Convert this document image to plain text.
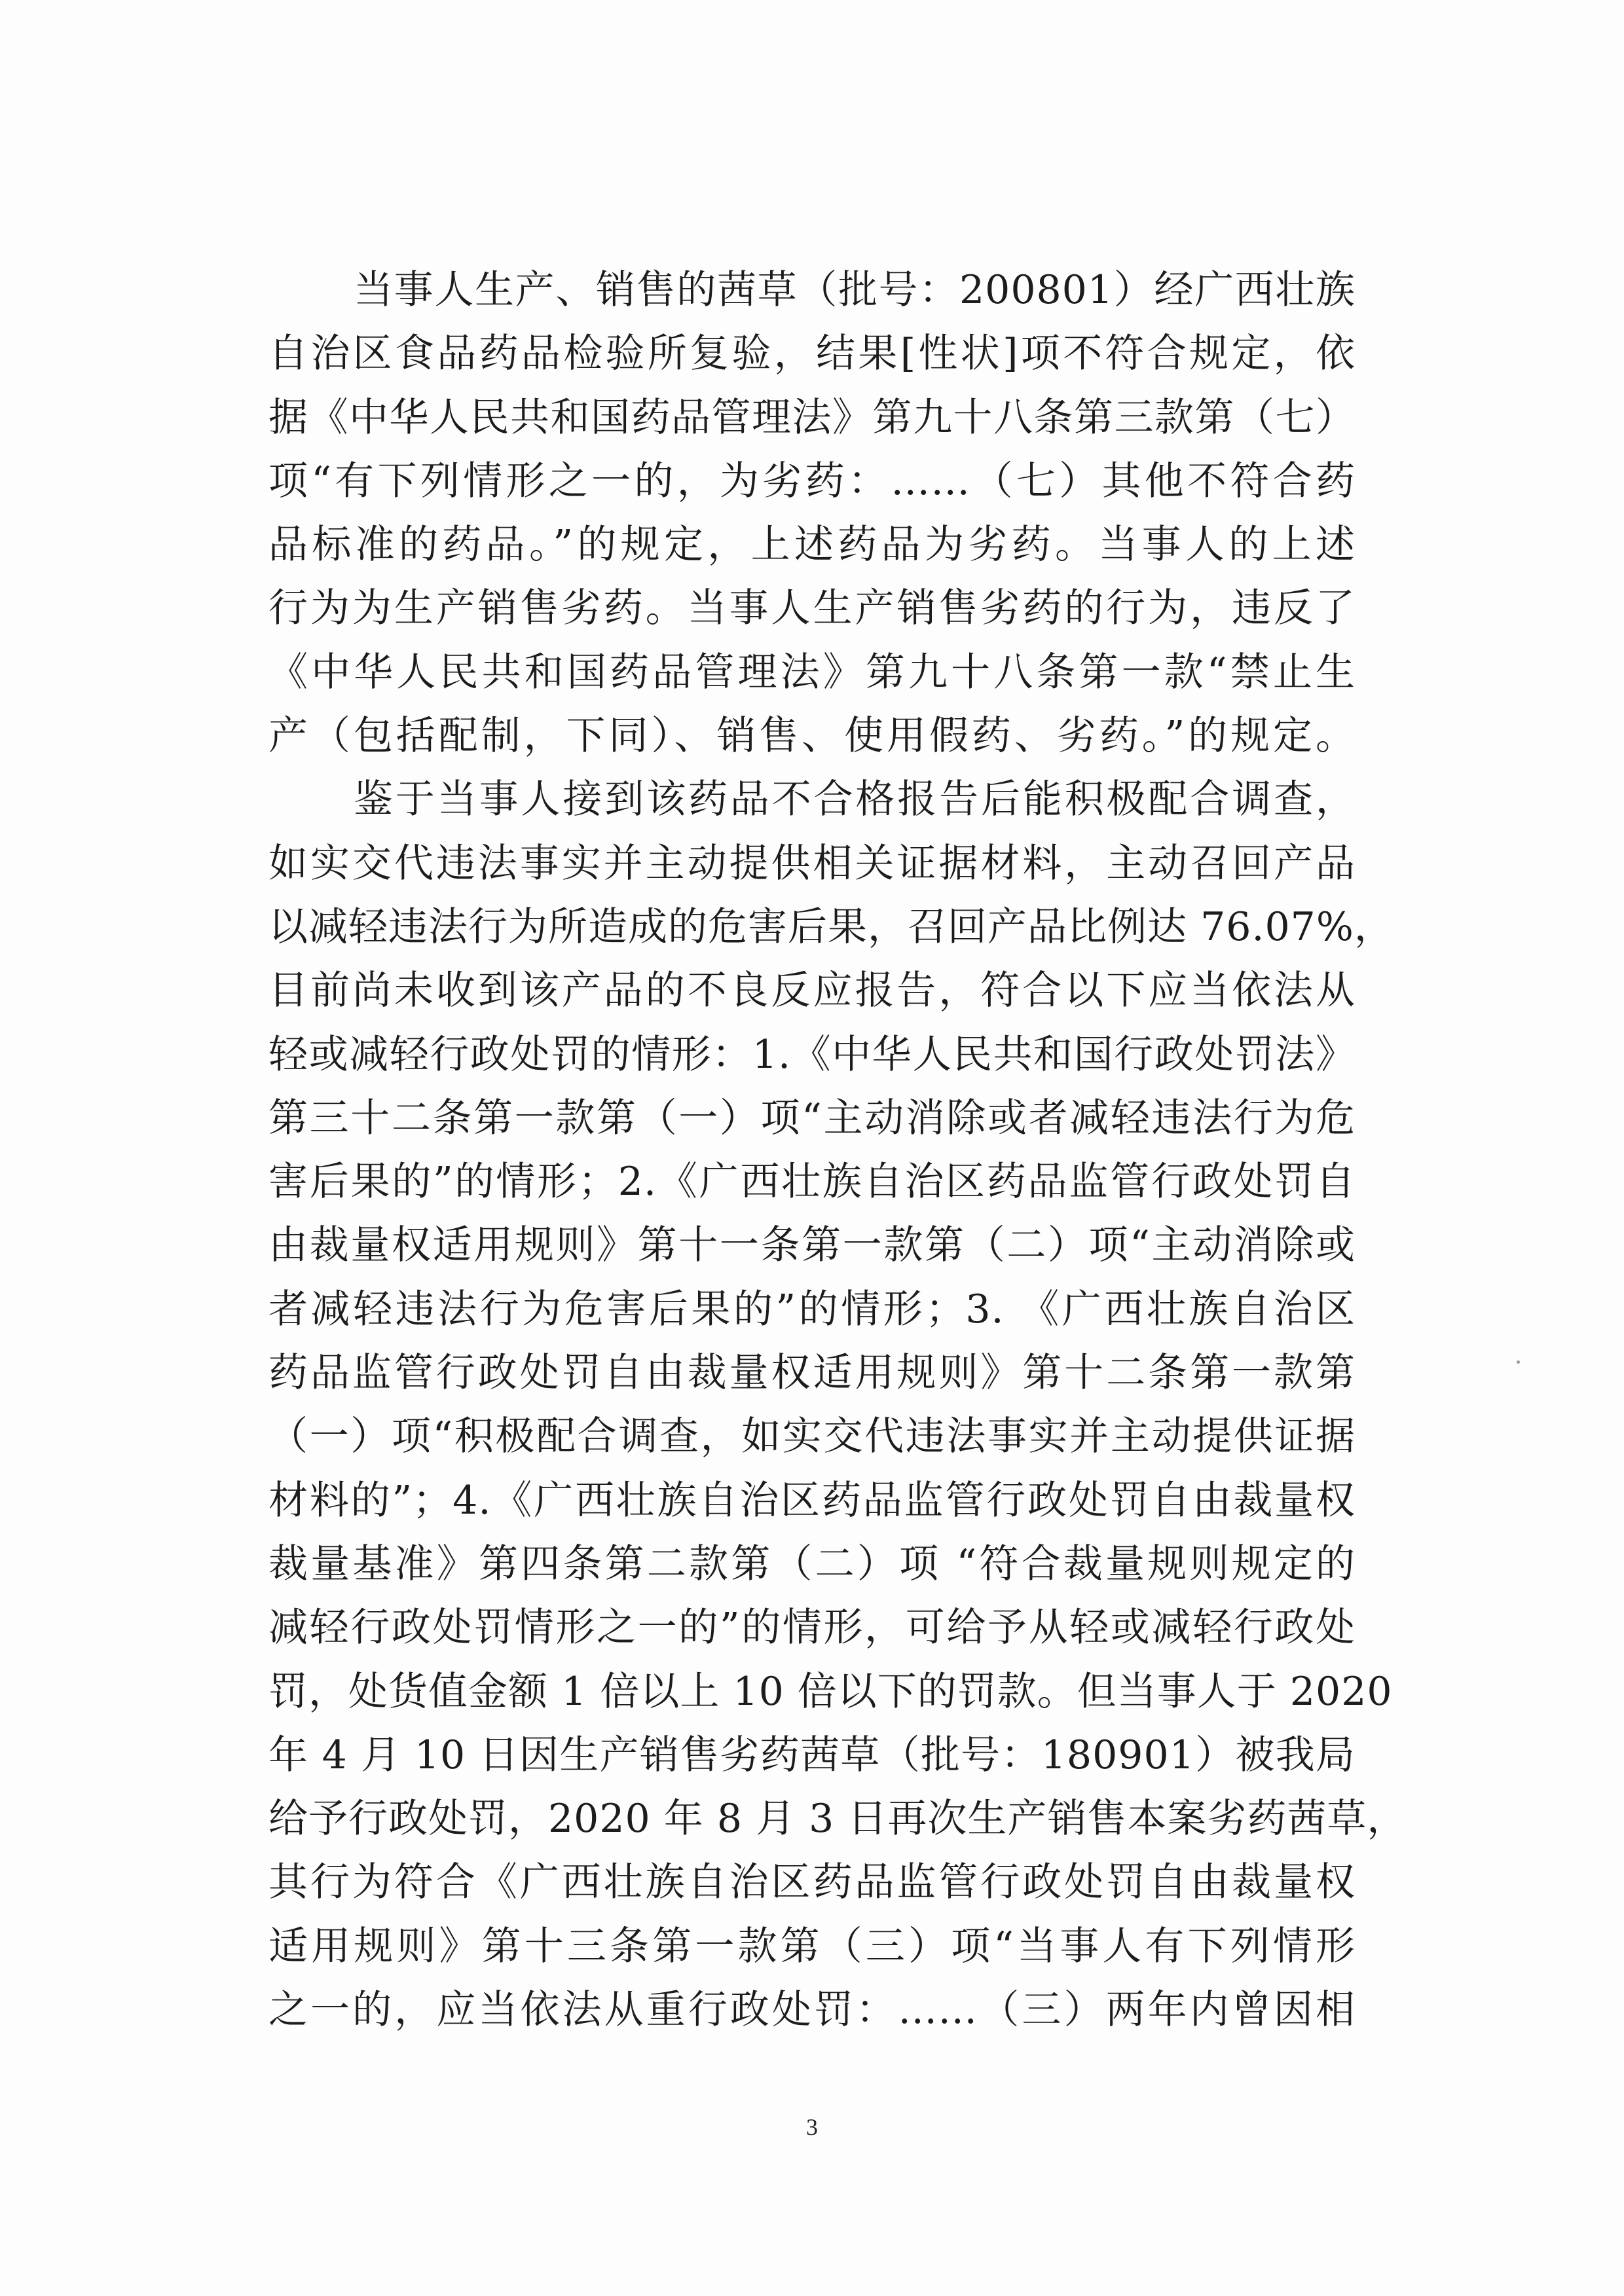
当事人生产、销售的茜草（批号：200801）经广西壮族
自治区食品药品检验所复验，结果[性状]项不符合规定，依
据《中华人民共和国药品管理法》第九十八条第三款第（七）
项“有下列情形之一的，为劣药：……（七）其他不符合药
品标准的药品。”的规定，上述药品为劣药。当事人的上述
行为为生产销售劣药。当事人生产销售劣药的行为，违反了
《中华人民共和国药品管理法》第九十八条第一款“禁止生
产（包括配制，下同）、销售、使用假药、劣药。”的规定。
鉴于当事人接到该药品不合格报告后能积极配合调查，
如实交代违法事实并主动提供相关证据材料，主动召回产品
以减轻违法行为所造成的危害后果，召回产品比例达 76.07%，
目前尚未收到该产品的不良反应报告，符合以下应当依法从
轻或减轻行政处罚的情形：1.《中华人民共和国行政处罚法》
第三十二条第一款第（一）项“主动消除或者减轻违法行为危
害后果的”的情形；2.《广西壮族自治区药品监管行政处罚自
由裁量权适用规则》第十一条第一款第（二）项“主动消除或
者减轻违法行为危害后果的”的情形；3. 《广西壮族自治区
药品监管行政处罚自由裁量权适用规则》第十二条第一款第
（一）项“积极配合调查，如实交代违法事实并主动提供证据
材料的”；4.《广西壮族自治区药品监管行政处罚自由裁量权
裁量基准》第四条第二款第（二）项 “符合裁量规则规定的
减轻行政处罚情形之一的”的情形，可给予从轻或减轻行政处
罚，处货值金额 1 倍以上 10 倍以下的罚款。但当事人于 2020
年 4 月 10 日因生产销售劣药茜草（批号：180901）被我局
给予行政处罚，2020 年 8 月 3 日再次生产销售本案劣药茜草，
其行为符合《广西壮族自治区药品监管行政处罚自由裁量权
适用规则》第十三条第一款第（三）项“当事人有下列情形
之一的，应当依法从重行政处罚：……（三）两年内曾因相
3
